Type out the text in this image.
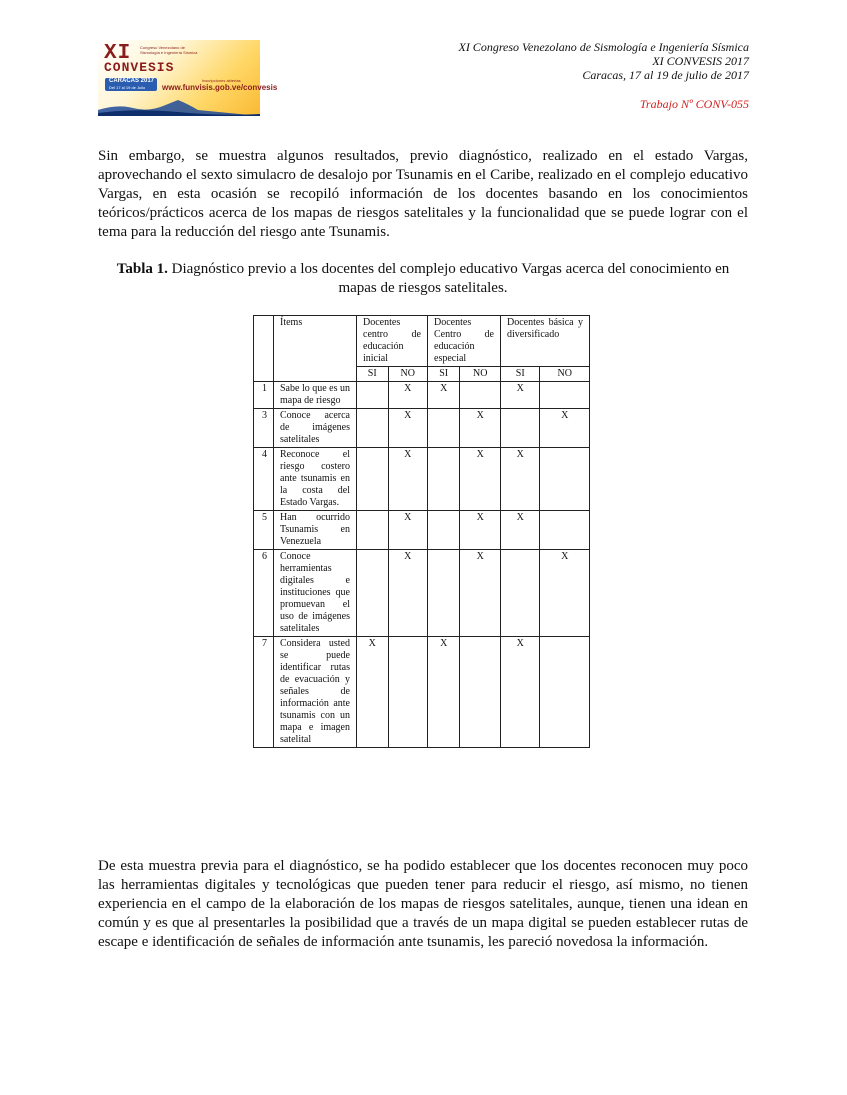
XI
CONVESIS
Congreso Venezolano de Sismología e Ingeniería Sísmica
CARACAS 2017
Del 17 al 19 de Julio
Inscripciones abiertas
www.funvisis.gob.ve/convesis
XI Congreso Venezolano de Sismología e Ingeniería Sísmica
XI CONVESIS 2017
Caracas, 17 al 19 de julio de 2017
Trabajo Nº CONV-055

Sin embargo, se muestra algunos resultados, previo diagnóstico, realizado en el estado Vargas, aprovechando el sexto simulacro de desalojo por Tsunamis en el Caribe, realizado en el complejo educativo Vargas, en esta ocasión se recopiló información de los docentes basando en los conocimientos teóricos/prácticos acerca de los mapas de riesgos satelitales y la funcionalidad que se puede lograr con el tema para la reducción del riesgo ante Tsunamis.

Tabla 1. Diagnóstico previo a los docentes del complejo educativo Vargas acerca del conocimiento en mapas de riesgos satelitales.
	Ítems	Docentes centro de educación inicial		Docentes Centro de educación especial		Docentes básica y diversificado	
		SI	NO	SI	NO	SI	NO
1	Sabe lo que es un mapa de riesgo		X	X		X	
3	Conoce acerca de imágenes satelitales		X		X		X
4	Reconoce el riesgo costero ante tsunamis en la costa del Estado Vargas.		X		X	X	
5	Han ocurrido Tsunamis en Venezuela		X		X	X	
6	Conoce herramientas digitales e instituciones que promuevan el uso de imágenes satelitales		X		X		X
7	Considera usted se puede identificar rutas de evacuación y señales de información ante tsunamis con un mapa e imagen satelital	X		X		X	

De esta muestra previa para el diagnóstico, se ha podido establecer que los docentes reconocen muy poco las herramientas digitales y tecnológicas que pueden tener para reducir el riesgo, así mismo, no tienen experiencia en el campo de la elaboración de los mapas de riesgos satelitales, aunque, tienen una idean en común y es que al presentarles la posibilidad que a través de un mapa digital se pueden establecer rutas de escape e identificación de señales de información ante tsunamis, les pareció novedosa la información.
